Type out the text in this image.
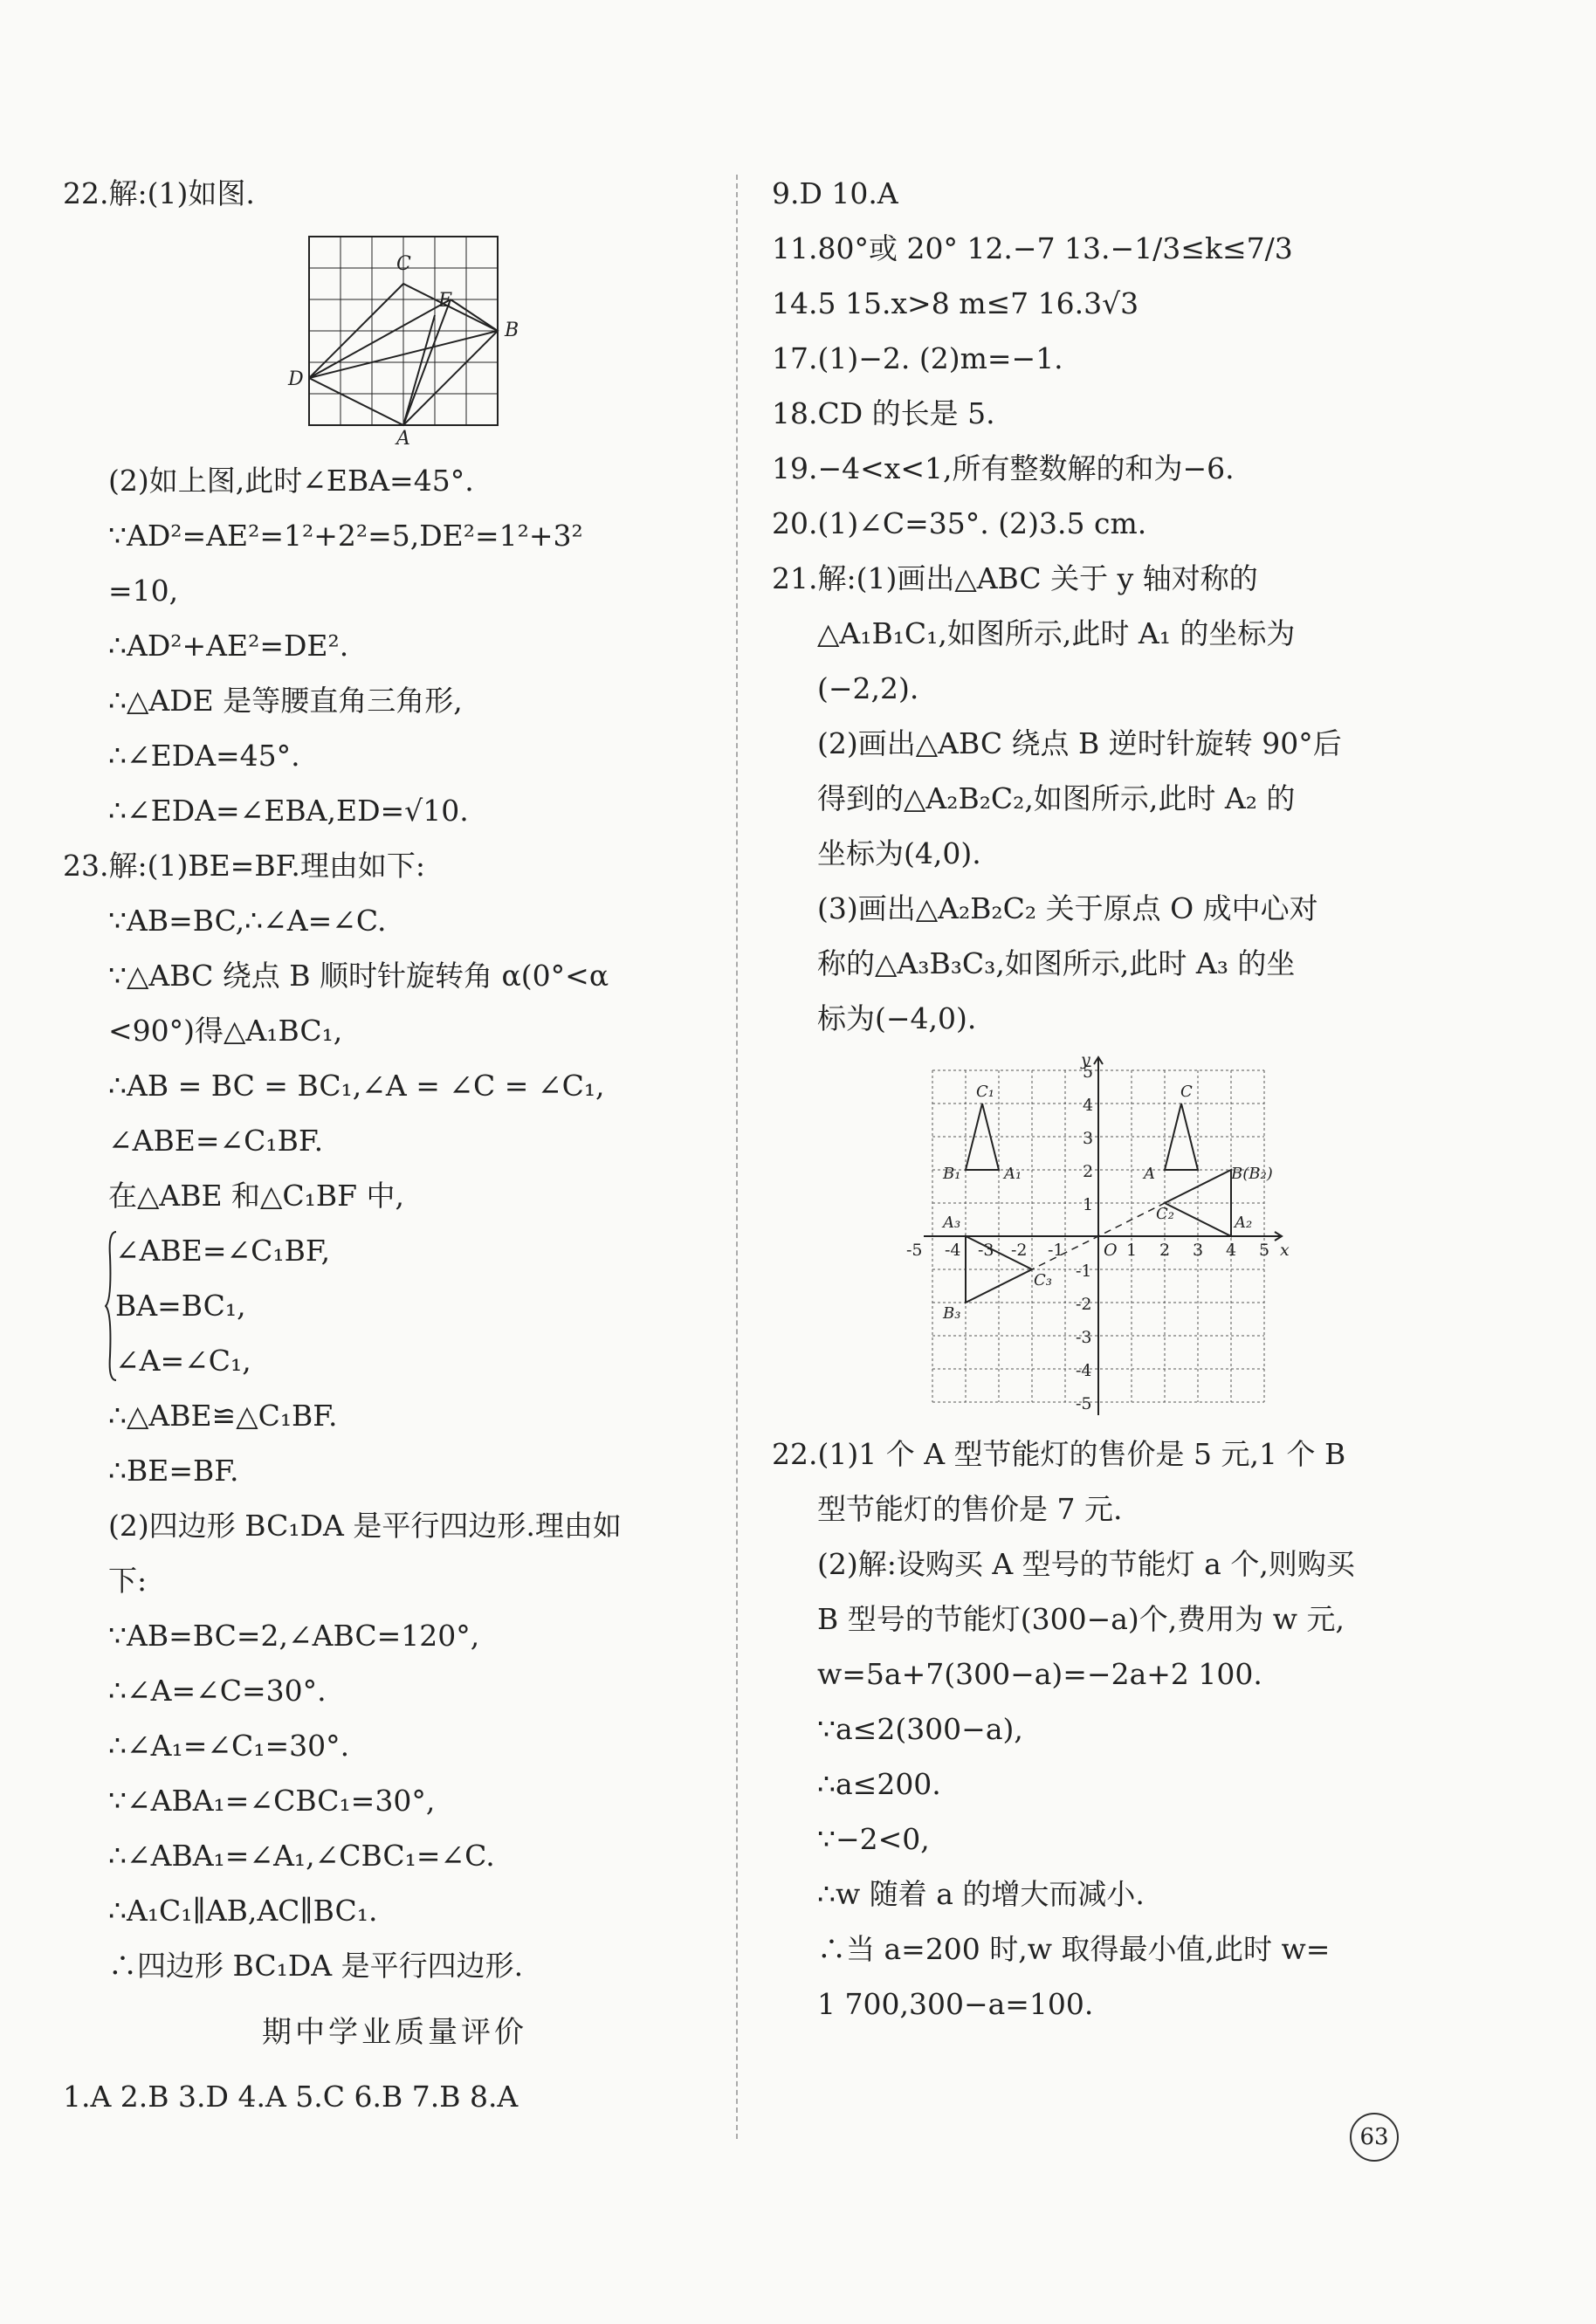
22.解:(1)如图.
C
E
B
D
A
(2)如上图,此时∠EBA=45°.
∵AD²=AE²=1²+2²=5,DE²=1²+3²
=10,
∴AD²+AE²=DE².
∴△ADE 是等腰直角三角形,
∴∠EDA=45°.
∴∠EDA=∠EBA,ED=√10.
23.解:(1)BE=BF.理由如下:
∵AB=BC,∴∠A=∠C.
∵△ABC 绕点 B 顺时针旋转角 α(0°<α
<90°)得△A₁BC₁,
∴AB = BC = BC₁,∠A = ∠C = ∠C₁,
∠ABE=∠C₁BF.
在△ABE 和△C₁BF 中,
∠ABE=∠C₁BF,
BA=BC₁,
∠A=∠C₁,
∴△ABE≌△C₁BF.
∴BE=BF.
(2)四边形 BC₁DA 是平行四边形.理由如
下:
∵AB=BC=2,∠ABC=120°,
∴∠A=∠C=30°.
∴∠A₁=∠C₁=30°.
∵∠ABA₁=∠CBC₁=30°,
∴∠ABA₁=∠A₁,∠CBC₁=∠C.
∴A₁C₁∥AB,AC∥BC₁.
∴四边形 BC₁DA 是平行四边形.
期中学业质量评价
1.A 2.B 3.D 4.A 5.C 6.B 7.B 8.A
9.D 10.A
11.80°或 20° 12.−7 13.−1/3≤k≤7/3
14.5 15.x>8 m≤7 16.3√3
17.(1)−2. (2)m=−1.
18.CD 的长是 5.
19.−4<x<1,所有整数解的和为−6.
20.(1)∠C=35°. (2)3.5 cm.
21.解:(1)画出△ABC 关于 y 轴对称的
△A₁B₁C₁,如图所示,此时 A₁ 的坐标为
(−2,2).
(2)画出△ABC 绕点 B 逆时针旋转 90°后
得到的△A₂B₂C₂,如图所示,此时 A₂ 的
坐标为(4,0).
(3)画出△A₂B₂C₂ 关于原点 O 成中心对
称的△A₃B₃C₃,如图所示,此时 A₃ 的坐
标为(−4,0).
-5 -4 -3 -2 -1	1 2 3 4 5
5
4
3
2
1
-1
-2
-3
-4
-5
O	x
y
C₁	C
B₁	A₁	A	B(B₂)
C₂
A₃	A₂
C₃
B₃
22.(1)1 个 A 型节能灯的售价是 5 元,1 个 B
型节能灯的售价是 7 元.
(2)解:设购买 A 型号的节能灯 a 个,则购买
B 型号的节能灯(300−a)个,费用为 w 元,
w=5a+7(300−a)=−2a+2 100.
∵a≤2(300−a),
∴a≤200.
∵−2<0,
∴w 随着 a 的增大而减小.
∴当 a=200 时,w 取得最小值,此时 w=
1 700,300−a=100.
63
